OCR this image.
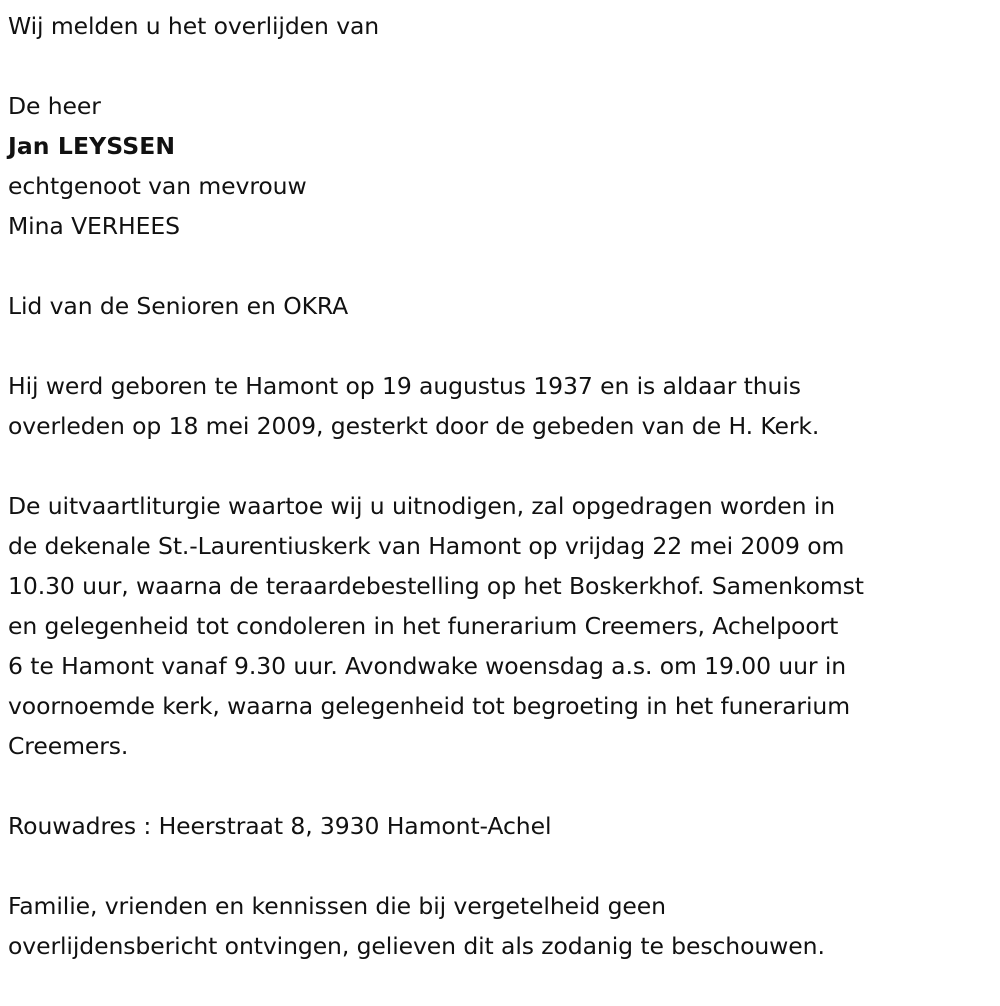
Wij melden u het overlijden van
De heer
Jan LEYSSEN
echtgenoot van mevrouw
Mina VERHEES
Lid van de Senioren en OKRA
Hij werd geboren te Hamont op 19 augustus 1937 en is aldaar thuis
overleden op 18 mei 2009, gesterkt door de gebeden van de H. Kerk.
De uitvaartliturgie waartoe wij u uitnodigen, zal opgedragen worden in
de dekenale St.-Laurentiuskerk van Hamont op vrijdag 22 mei 2009 om
10.30 uur, waarna de teraardebestelling op het Boskerkhof. Samenkomst
en gelegenheid tot condoleren in het funerarium Creemers, Achelpoort
6 te Hamont vanaf 9.30 uur. Avondwake woensdag a.s. om 19.00 uur in
voornoemde kerk, waarna gelegenheid tot begroeting in het funerarium
Creemers.
Rouwadres : Heerstraat 8, 3930 Hamont-Achel
Familie, vrienden en kennissen die bij vergetelheid geen
overlijdensbericht ontvingen, gelieven dit als zodanig te beschouwen.
